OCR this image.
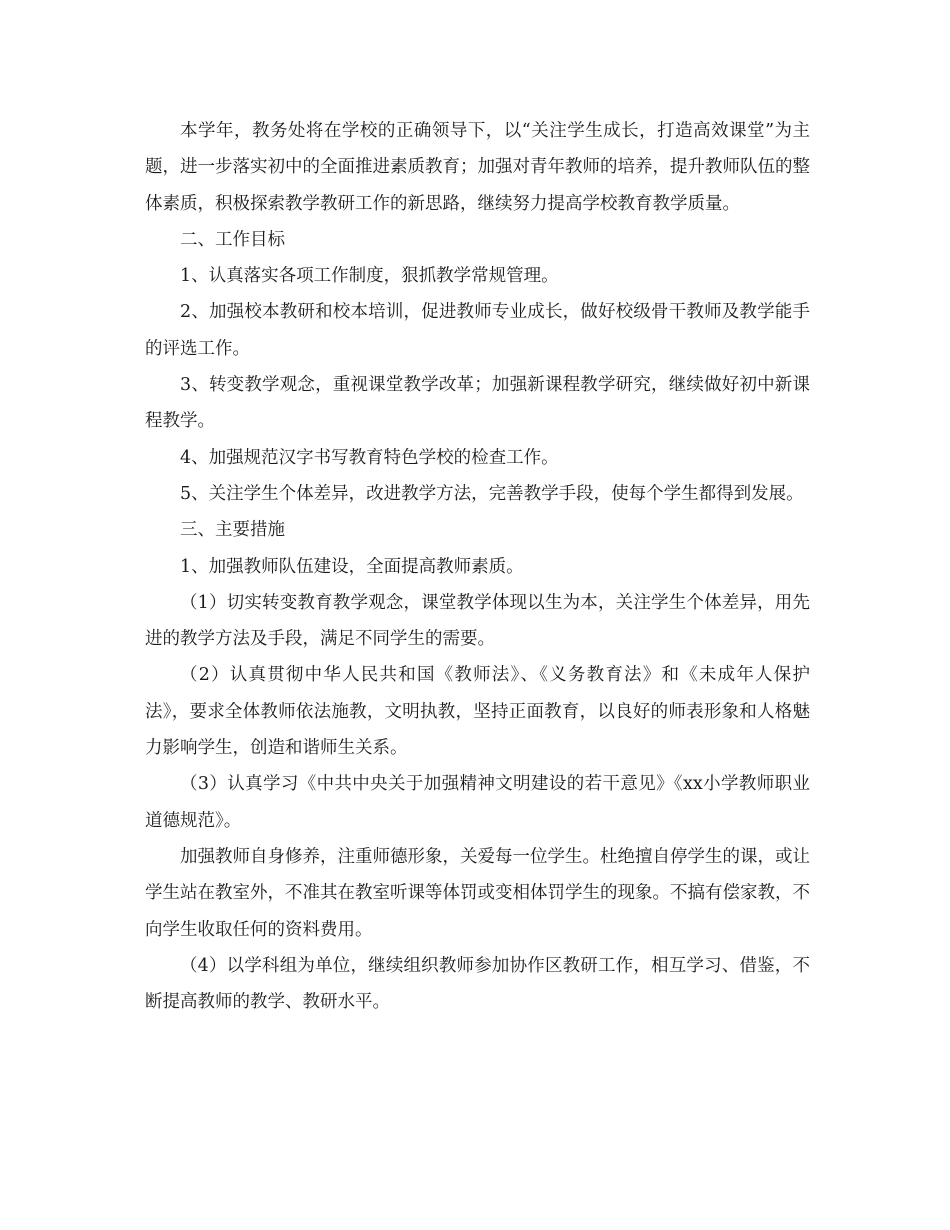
本学年，教务处将在学校的正确领导下，以“关注学生成长，打造高效课堂”为主题，进一步落实初中的全面推进素质教育；加强对青年教师的培养，提升教师队伍的整体素质，积极探索教学教研工作的新思路，继续努力提高学校教育教学质量。

二、工作目标

1、认真落实各项工作制度，狠抓教学常规管理。

2、加强校本教研和校本培训，促进教师专业成长，做好校级骨干教师及教学能手的评选工作。

3、转变教学观念，重视课堂教学改革；加强新课程教学研究，继续做好初中新课程教学。

4、加强规范汉字书写教育特色学校的检查工作。

5、关注学生个体差异，改进教学方法，完善教学手段，使每个学生都得到发展。

三、主要措施

1、加强教师队伍建设，全面提高教师素质。

（1）切实转变教育教学观念，课堂教学体现以生为本，关注学生个体差异，用先进的教学方法及手段，满足不同学生的需要。

（2）认真贯彻中华人民共和国《教师法》、《义务教育法》和《未成年人保护法》，要求全体教师依法施教，文明执教，坚持正面教育，以良好的师表形象和人格魅力影响学生，创造和谐师生关系。

（3）认真学习《中共中央关于加强精神文明建设的若干意见》《xx小学教师职业道德规范》。

加强教师自身修养，注重师德形象，关爱每一位学生。杜绝擅自停学生的课，或让学生站在教室外，不准其在教室听课等体罚或变相体罚学生的现象。不搞有偿家教，不向学生收取任何的资料费用。

（4）以学科组为单位，继续组织教师参加协作区教研工作，相互学习、借鉴，不断提高教师的教学、教研水平。
